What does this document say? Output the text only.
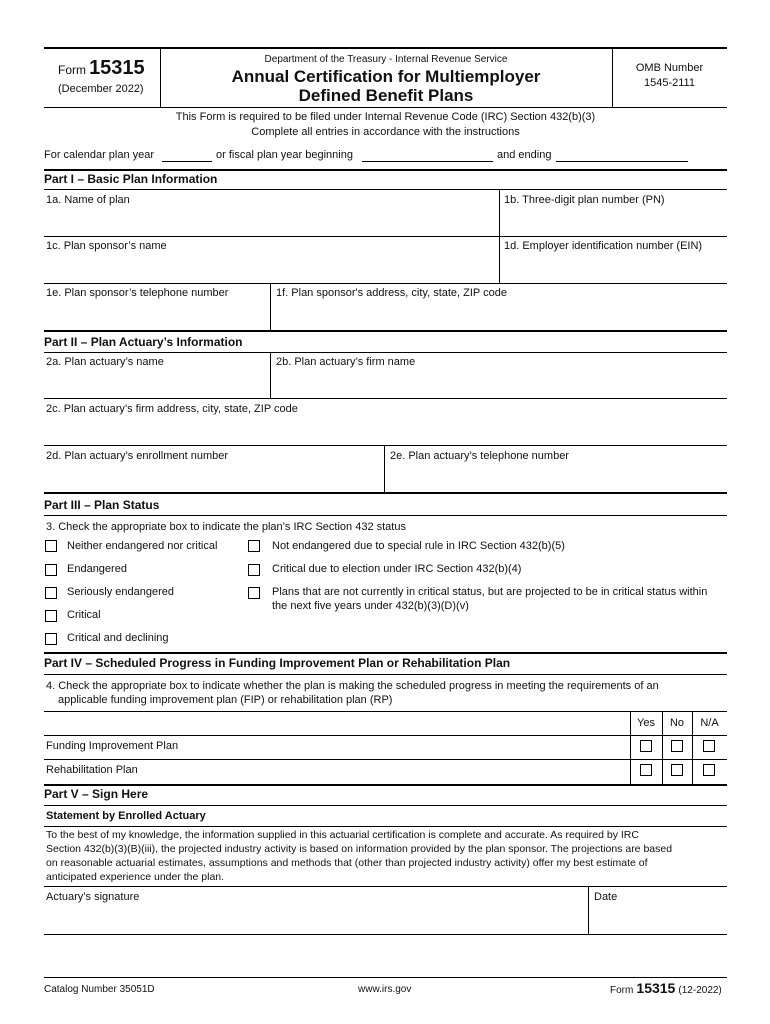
Form 15315
(December 2022)
Department of the Treasury - Internal Revenue Service
Annual Certification for Multiemployer
Defined Benefit Plans
OMB Number
1545-2111
This Form is required to be filed under Internal Revenue Code (IRC) Section 432(b)(3)
Complete all entries in accordance with the instructions
For calendar plan year	or fiscal plan year beginning	and ending
Part I – Basic Plan Information
1a. Name of plan	1b. Three-digit plan number (PN)
1c. Plan sponsor’s name	1d. Employer identification number (EIN)
1e. Plan sponsor’s telephone number	1f. Plan sponsor's address, city, state, ZIP code
Part II – Plan Actuary’s Information
2a. Plan actuary’s name	2b. Plan actuary’s firm name
2c. Plan actuary’s firm address, city, state, ZIP code
2d. Plan actuary’s enrollment number	2e. Plan actuary’s telephone number
Part III – Plan Status
3. Check the appropriate box to indicate the plan’s IRC Section 432 status
Neither endangered nor critical	Not endangered due to special rule in IRC Section 432(b)(5)
Endangered	Critical due to election under IRC Section 432(b)(4)
Seriously endangered	Plans that are not currently in critical status, but are projected to be in critical status within
the next five years under 432(b)(3)(D)(v)
Critical
Critical and declining
Part IV – Scheduled Progress in Funding Improvement Plan or Rehabilitation Plan
4. Check the appropriate box to indicate whether the plan is making the scheduled progress in meeting the requirements of an
applicable funding improvement plan (FIP) or rehabilitation plan (RP)
Yes	No	N/A
Funding Improvement Plan
Rehabilitation Plan
Part V – Sign Here
Statement by Enrolled Actuary
To the best of my knowledge, the information supplied in this actuarial certification is complete and accurate. As required by IRC
Section 432(b)(3)(B)(iii), the projected industry activity is based on information provided by the plan sponsor. The projections are based
on reasonable actuarial estimates, assumptions and methods that (other than projected industry activity) offer my best estimate of
anticipated experience under the plan.
Actuary’s signature	Date
Catalog Number 35051D	www.irs.gov	Form 15315 (12-2022)
